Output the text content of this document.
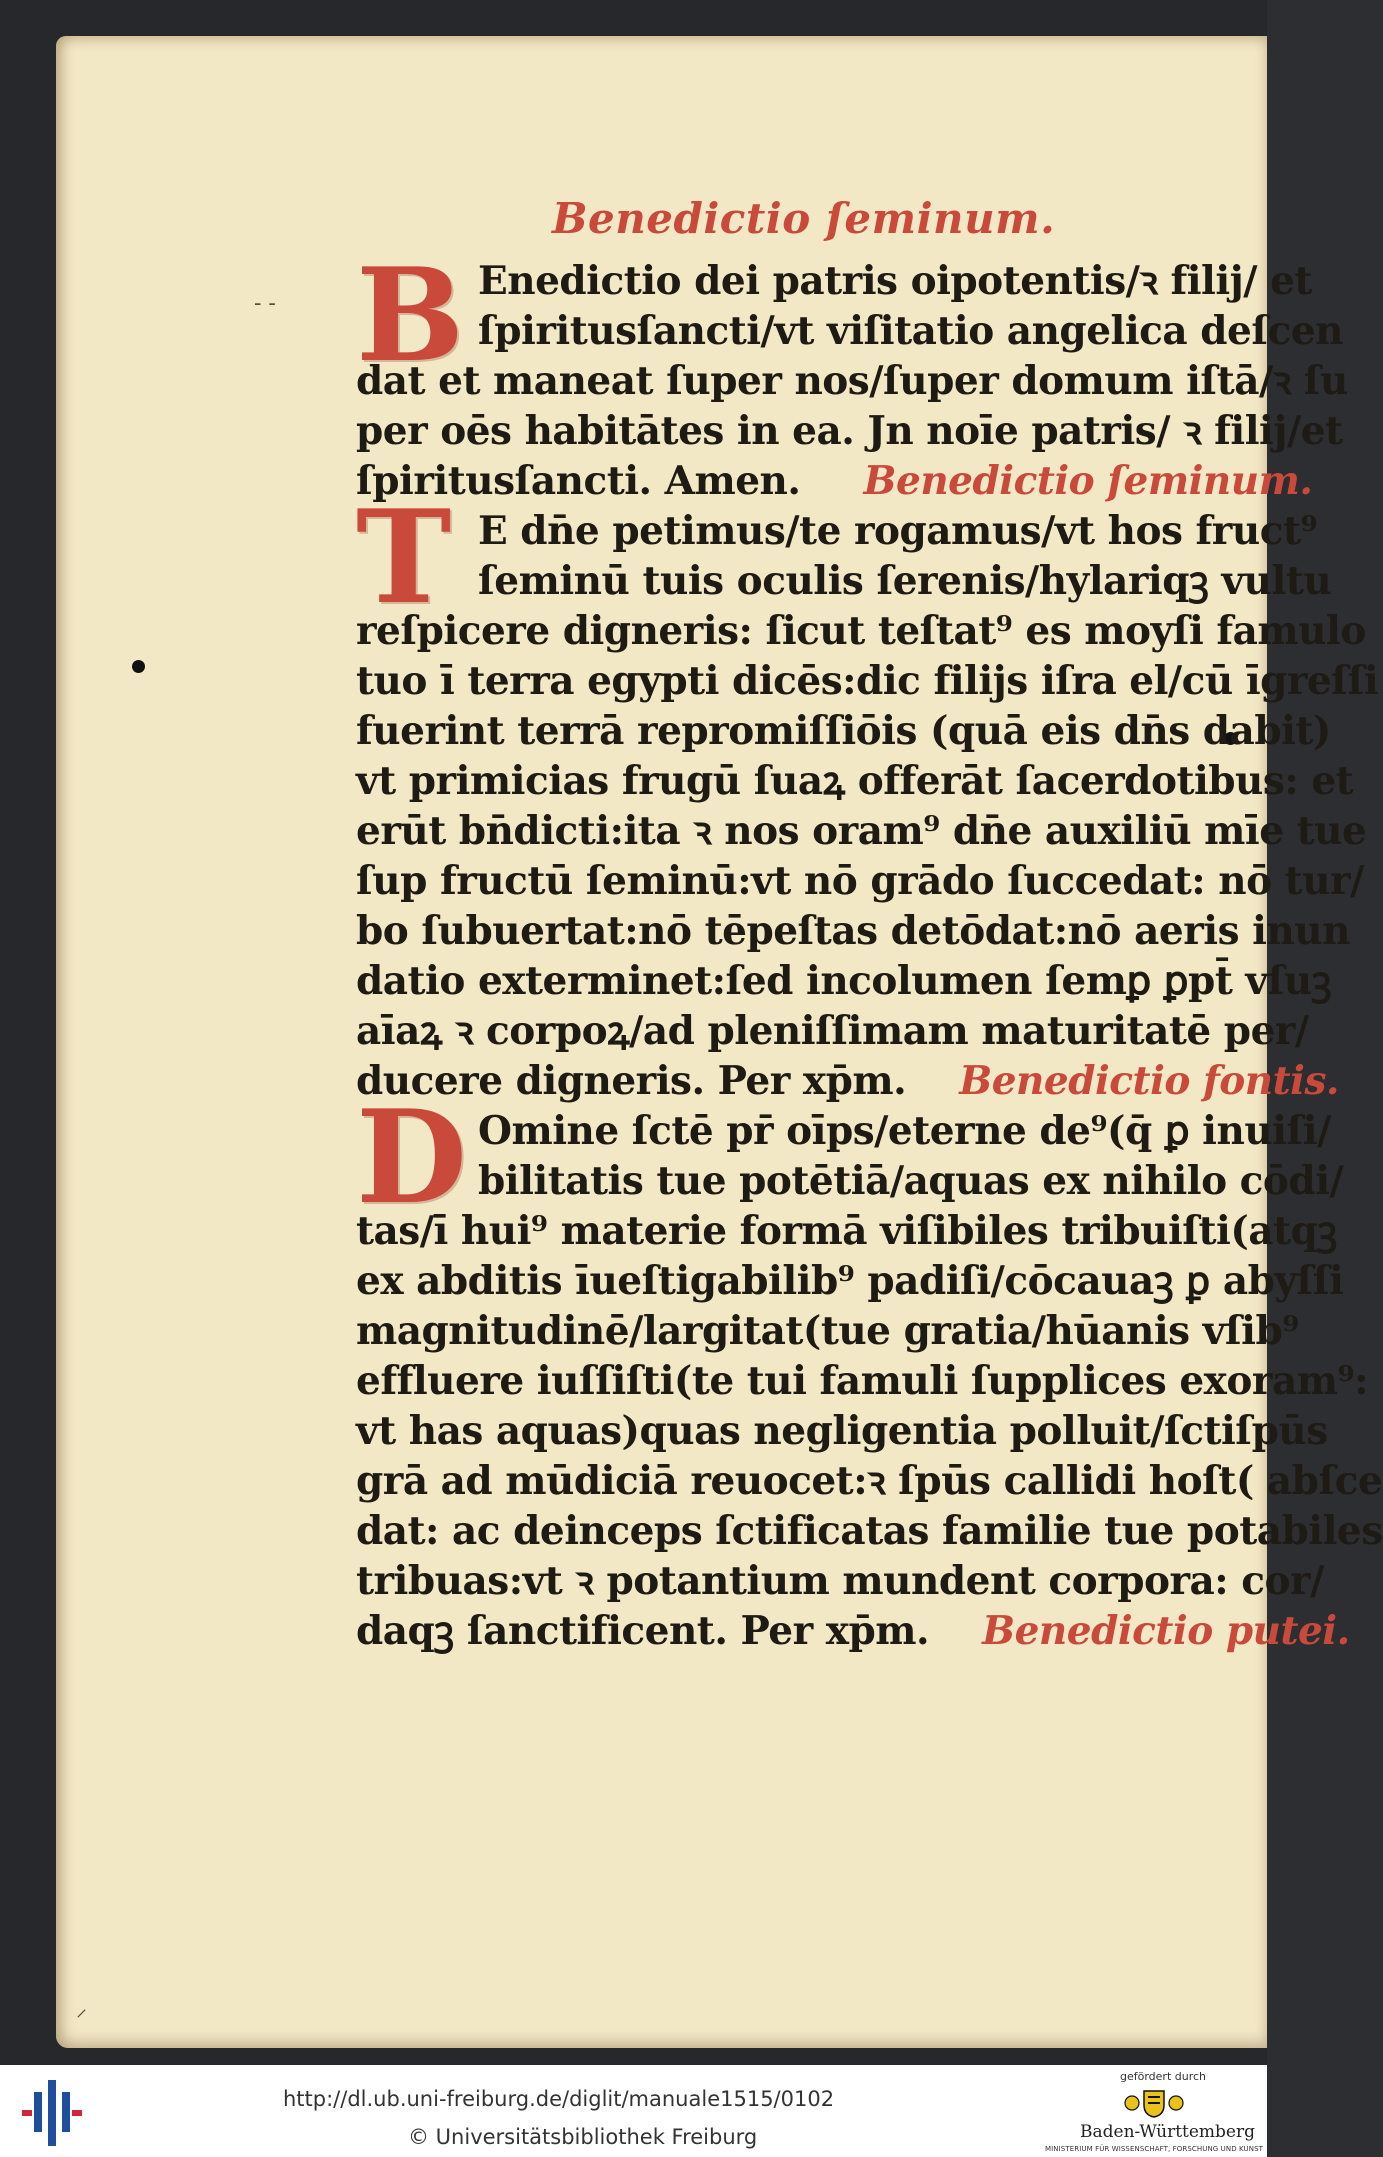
- -
⸍
Benedictio ſeminum.
B Enedictio dei patris oipotentis/ꝛ filij/ et
ſpiritusſancti/vt viſitatio angelica deſcen
dat et maneat ſuper nos/ſuper domum iſtā/ꝛ ſu
per oēs habitātes in ea. Jn noīe patris/ ꝛ filij/et
ſpiritusſancti. Amen. Benedictio ſeminum.
T E dn̄e petimus/te rogamus/vt hos fruct⁹
ſeminū tuis oculis ſerenis/hylariqꝫ vultu
reſpicere digneris: ſicut teſtat⁹ es moyſi famulo
tuo ī terra egypti dicēs:dic filijs iſra el/cū īgreſſi
fuerint terrā repromiſſiōis (quā eis dn̄s dabit)
vt primicias frugū ſuaꝝ offerāt ſacerdotibus: et
erūt bn̄dicti:ita ꝛ nos oram⁹ dn̄e auxiliū mīe tue
ſup fructū ſeminū:vt nō grādo ſuccedat: nō tur/
bo ſubuertat:nō tēpeſtas detōdat:nō aeris inun
datio exterminet:ſed incolumen ſemꝑ ꝑpt̄ vſuꝫ
aīaꝝ ꝛ corpoꝝ/ad pleniſſimam maturitatē per/
ducere digneris. Per xp̄m. Benedictio fontis.
D Omine ſctē pr̄ oīps/eterne de⁹(q̄ ꝑ inuiſi/
bilitatis tue potētiā/aquas ex nihilo cōdi/
tas/ī hui⁹ materie formā viſibiles tribuiſti(atqꝫ
ex abditis īueſtigabilib⁹ padiſi/cōcauaꝫ ꝑ abyſſi
magnitudinē/largitat(tue gratia/hūanis vſib⁹
effluere iuſſiſti(te tui famuli ſupplices exoram⁹:
vt has aquas)quas negligentia polluit/ſctiſpūs
grā ad mūdiciā reuocet:ꝛ ſpūs callidi hoſt( abſce
dat: ac deinceps ſctificatas familie tue potabiles
tribuas:vt ꝛ potantium mundent corpora: cor/
daqꝫ ſanctificent. Per xp̄m. Benedictio putei.
http://dl.ub.uni-freiburg.de/diglit/manuale1515/0102
© Universitätsbibliothek Freiburg
gefördert durch
Baden-Württemberg
MINISTERIUM FÜR WISSENSCHAFT, FORSCHUNG UND KUNST
